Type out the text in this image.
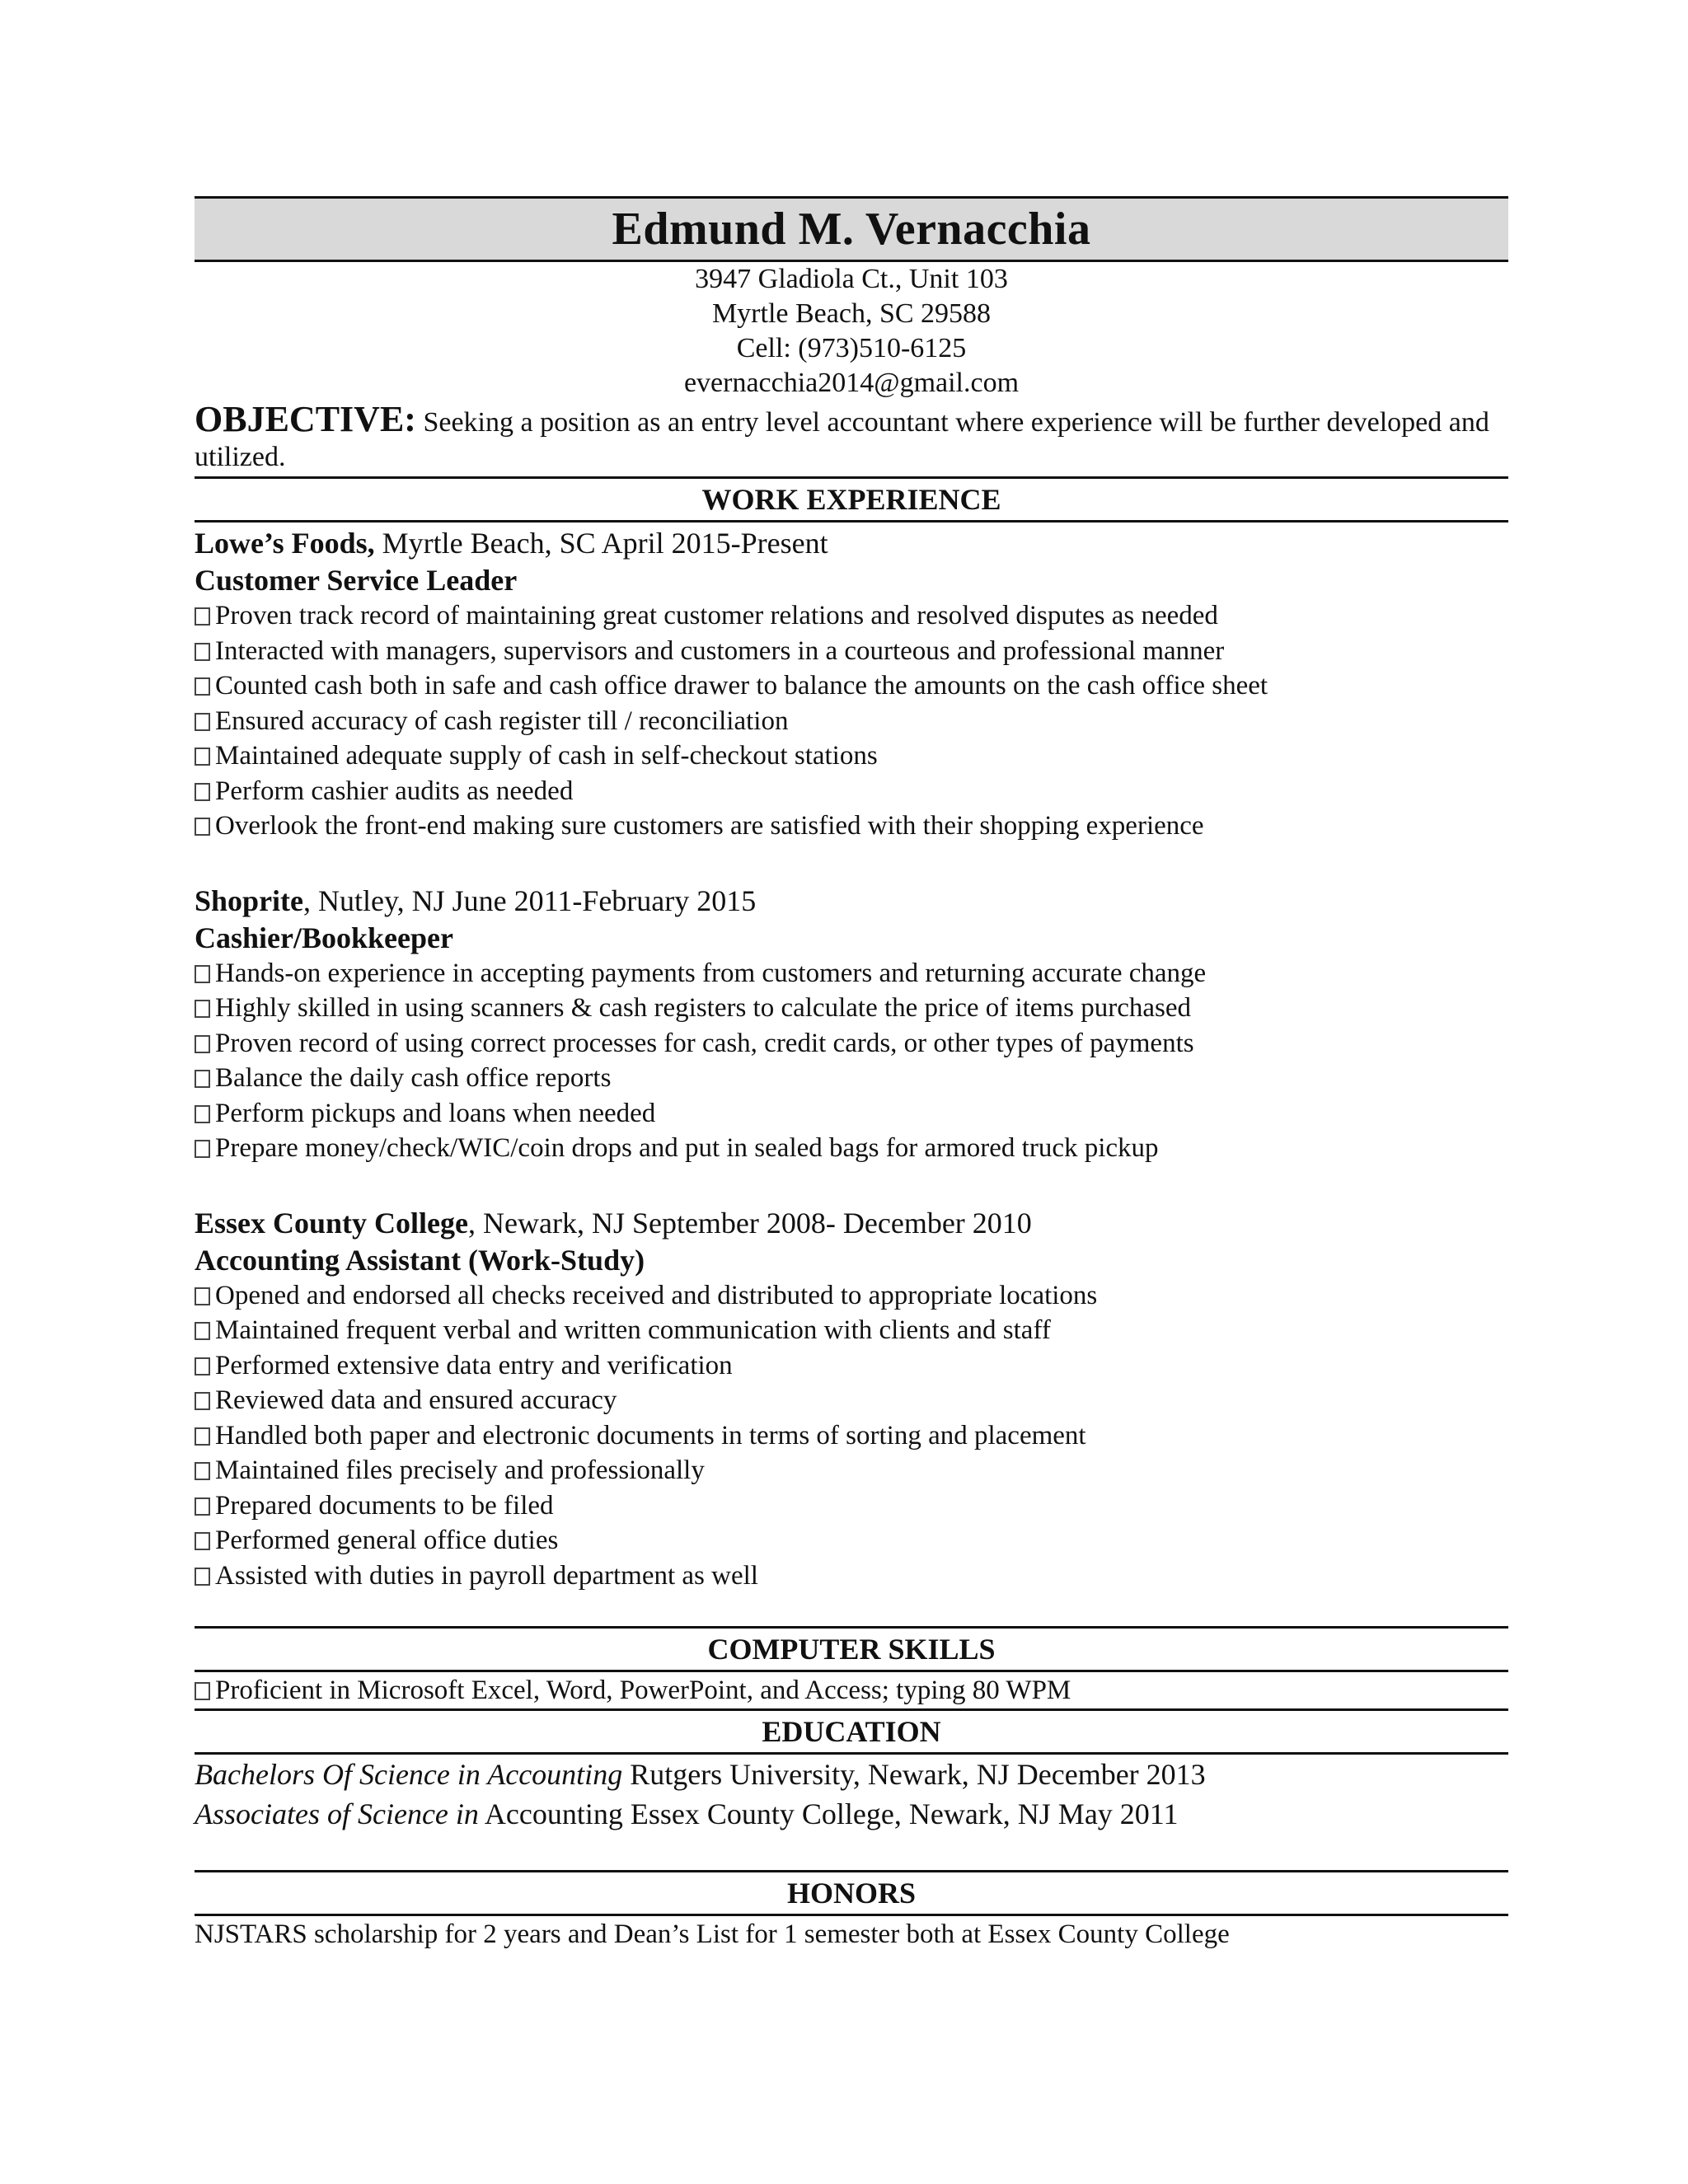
Edmund M. Vernacchia
3947 Gladiola Ct., Unit 103
Myrtle Beach, SC 29588
Cell: (973)510-6125
evernacchia2014@gmail.com
OBJECTIVE: Seeking a position as an entry level accountant where experience will be further developed and utilized.
WORK EXPERIENCE
Lowe’s Foods, Myrtle Beach, SC April 2015-Present
Customer Service Leader
Proven track record of maintaining great customer relations and resolved disputes as needed
Interacted with managers, supervisors and customers in a courteous and professional manner
Counted cash both in safe and cash office drawer to balance the amounts on the cash office sheet
Ensured accuracy of cash register till / reconciliation
Maintained adequate supply of cash in self-checkout stations
Perform cashier audits as needed
Overlook the front-end making sure customers are satisfied with their shopping experience
Shoprite, Nutley, NJ June 2011-February 2015
Cashier/Bookkeeper
Hands-on experience in accepting payments from customers and returning accurate change
Highly skilled in using scanners & cash registers to calculate the price of items purchased
Proven record of using correct processes for cash, credit cards, or other types of payments
Balance the daily cash office reports
Perform pickups and loans when needed
Prepare money/check/WIC/coin drops and put in sealed bags for armored truck pickup
Essex County College, Newark, NJ September 2008- December 2010
Accounting Assistant (Work-Study)
Opened and endorsed all checks received and distributed to appropriate locations
Maintained frequent verbal and written communication with clients and staff
Performed extensive data entry and verification
Reviewed data and ensured accuracy
Handled both paper and electronic documents in terms of sorting and placement
Maintained files precisely and professionally
Prepared documents to be filed
Performed general office duties
Assisted with duties in payroll department as well
COMPUTER SKILLS
Proficient in Microsoft Excel, Word, PowerPoint, and Access; typing 80 WPM
EDUCATION
Bachelors Of Science in Accounting Rutgers University, Newark, NJ December 2013
Associates of Science in Accounting Essex County College, Newark, NJ May 2011
HONORS
NJSTARS scholarship for 2 years and Dean’s List for 1 semester both at Essex County College
